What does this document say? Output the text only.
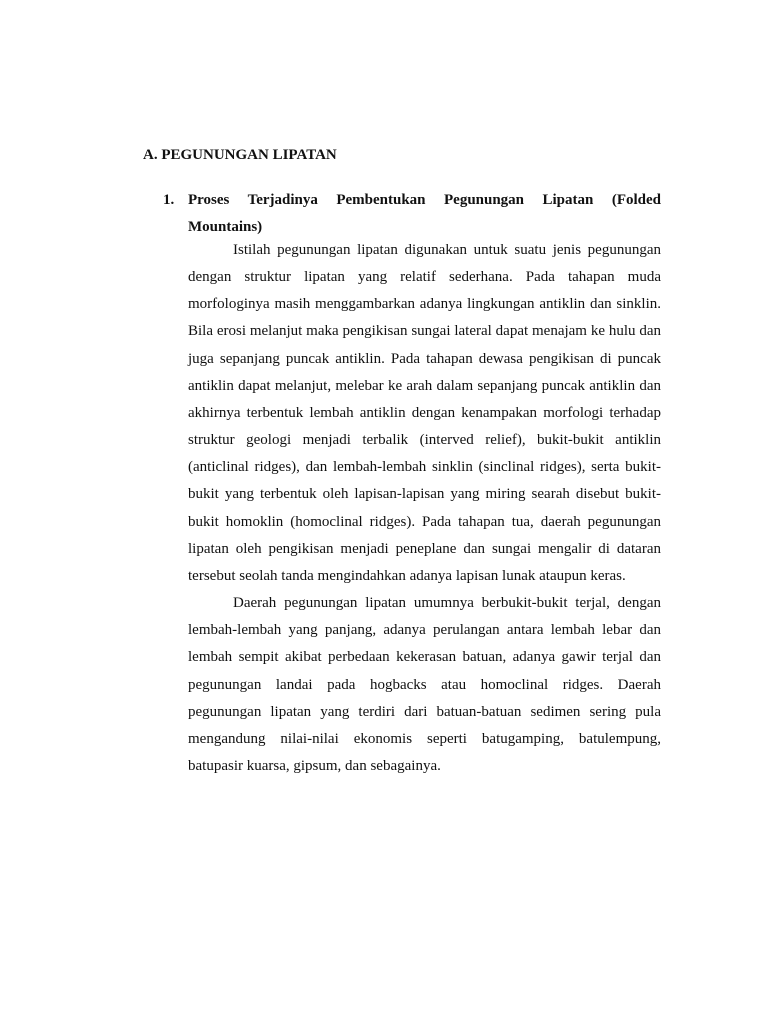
A. PEGUNUNGAN LIPATAN
1. Proses Terjadinya Pembentukan Pegunungan Lipatan (Folded Mountains)

Istilah pegunungan lipatan digunakan untuk suatu jenis pegunungan dengan struktur lipatan yang relatif sederhana. Pada tahapan muda morfologinya masih menggambarkan adanya lingkungan antiklin dan sinklin. Bila erosi melanjut maka pengikisan sungai lateral dapat menajam ke hulu dan juga sepanjang puncak antiklin. Pada tahapan dewasa pengikisan di puncak antiklin dapat melanjut, melebar ke arah dalam sepanjang puncak antiklin dan akhirnya terbentuk lembah antiklin dengan kenampakan morfologi terhadap struktur geologi menjadi terbalik (interved relief), bukit-bukit antiklin (anticlinal ridges), dan lembah-lembah sinklin (sinclinal ridges), serta bukit-bukit yang terbentuk oleh lapisan-lapisan yang miring searah disebut bukit-bukit homoklin (homoclinal ridges). Pada tahapan tua, daerah pegunungan lipatan oleh pengikisan menjadi peneplane dan sungai mengalir di dataran tersebut seolah tanda mengindahkan adanya lapisan lunak ataupun keras.

Daerah pegunungan lipatan umumnya berbukit-bukit terjal, dengan lembah-lembah yang panjang, adanya perulangan antara lembah lebar dan lembah sempit akibat perbedaan kekerasan batuan, adanya gawir terjal dan pegunungan landai pada hogbacks atau homoclinal ridges. Daerah pegunungan lipatan yang terdiri dari batuan-batuan sedimen sering pula mengandung nilai-nilai ekonomis seperti batugamping, batulempung, batupasir kuarsa, gipsum, dan sebagainya.
